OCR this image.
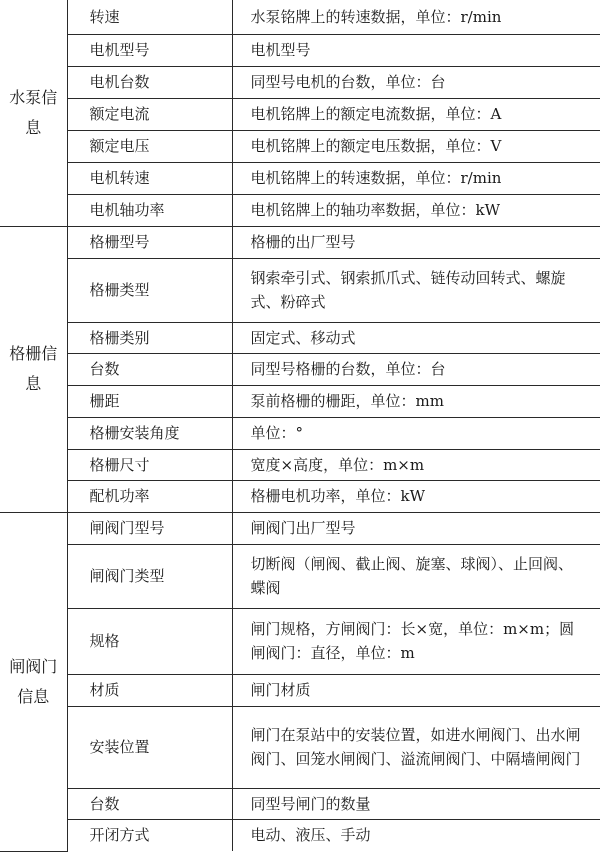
水泵信息	转速	水泵铭牌上的转速数据，单位：r/min
	电机型号	电机型号
	电机台数	同型号电机的台数，单位：台
	额定电流	电机铭牌上的额定电流数据，单位：A
	额定电压	电机铭牌上的额定电压数据，单位：V
	电机转速	电机铭牌上的转速数据，单位：r/min
	电机轴功率	电机铭牌上的轴功率数据，单位：kW
格栅信息	格栅型号	格栅的出厂型号
	格栅类型	钢索牵引式、钢索抓爪式、链传动回转式、螺旋式、粉碎式
	格栅类别	固定式、移动式
	台数	同型号格栅的台数，单位：台
	栅距	泵前格栅的栅距，单位：mm
	格栅安装角度	单位：°
	格栅尺寸	宽度×高度，单位：m×m
	配机功率	格栅电机功率，单位：kW
闸阀门信息	闸阀门型号	闸阀门出厂型号
	闸阀门类型	切断阀（闸阀、截止阀、旋塞、球阀）、止回阀、蝶阀
	规格	闸门规格，方闸阀门：长×宽，单位：m×m；圆闸阀门：直径，单位：m
	材质	闸门材质
	安装位置	闸门在泵站中的安装位置，如进水闸阀门、出水闸阀门、回笼水闸阀门、溢流闸阀门、中隔墙闸阀门
	台数	同型号闸门的数量
	开闭方式	电动、液压、手动
